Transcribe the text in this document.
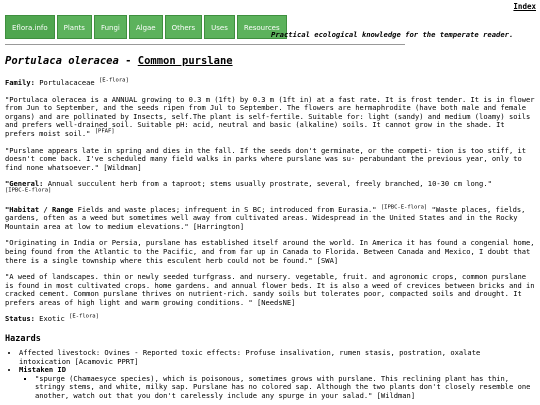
Index
Eflora.info	Plants	Fungi	Algae	Others	Uses	Resources
Practical ecological knowledge for the temperate reader.
Portulaca oleracea - Common purslane

Family: Portulacaceae [E-flora]

"Portulaca oleracea is a ANNUAL growing to 0.3 m (1ft) by 0.3 m (1ft in) at a fast rate. It is frost tender. It is in flower from Jun to September, and the seeds ripen from Jul to September. The flowers are hermaphrodite (have both male and female organs) and are pollinated by Insects, self.The plant is self-fertile. Suitable for: light (sandy) and medium (loamy) soils and prefers well-drained soil. Suitable pH: acid, neutral and basic (alkaline) soils. It cannot grow in the shade. It prefers moist soil." [PFAF]

"Purslane appears late in spring and dies in the fall. If the seeds don't germinate, or the competi- tion is too stiff, it doesn't come back. I've scheduled many field walks in parks where purslane was su- perabundant the previous year, only to find none whatsoever." [Wildman]

"General: Annual succulent herb from a taproot; stems usually prostrate, several, freely branched, 10-30 cm long."
[IPBC-E-flora]

"Habitat / Range Fields and waste places; infrequent in S BC; introduced from Eurasia." [IPBC-E-flora] "Waste places, fields, gardens, often as a weed but sometimes well away from cultivated areas. Widespread in the United States and in the Rocky Mountain area at low to medium elevations." [Harrington]

"Originating in India or Persia, purslane has established itself around the world. In America it has found a congenial home, being found from the Atlantic to the Pacific, and from far up in Canada to Florida. Between Canada and Mexico, I doubt that there is a single township where this esculent herb could not be found." [SWA]

"A weed of landscapes. thin or newly seeded turfgrass. and nursery. vegetable, fruit. and agronomic crops, common purslane is found in most cultivated crops. home gardens. and annual flower beds. It is also a weed of crevices between bricks and in cracked cement. Common purslane thrives on nutrient-rich. sandy soils but tolerates poor, compacted soils and drought. It prefers areas of high light and warm growing conditions. " [NeedsNE]

Status: Exotic [E-flora]

Hazards
• Affected livestock: Ovines - Reported toxic effects: Profuse insalivation, rumen stasis, postration, oxalate intoxication [Acamovic PPRT]
• Mistaken ID
▪ "spurge (Chamaesyce species), which is poisonous, sometimes grows with purslane. This reclining plant has thin, stringy stems, and white, milky sap. Purslane has no colored sap. Although the two plants don't closely resemble one another, watch out that you don't carelessly include any spurge in your salad." [Wildman]
